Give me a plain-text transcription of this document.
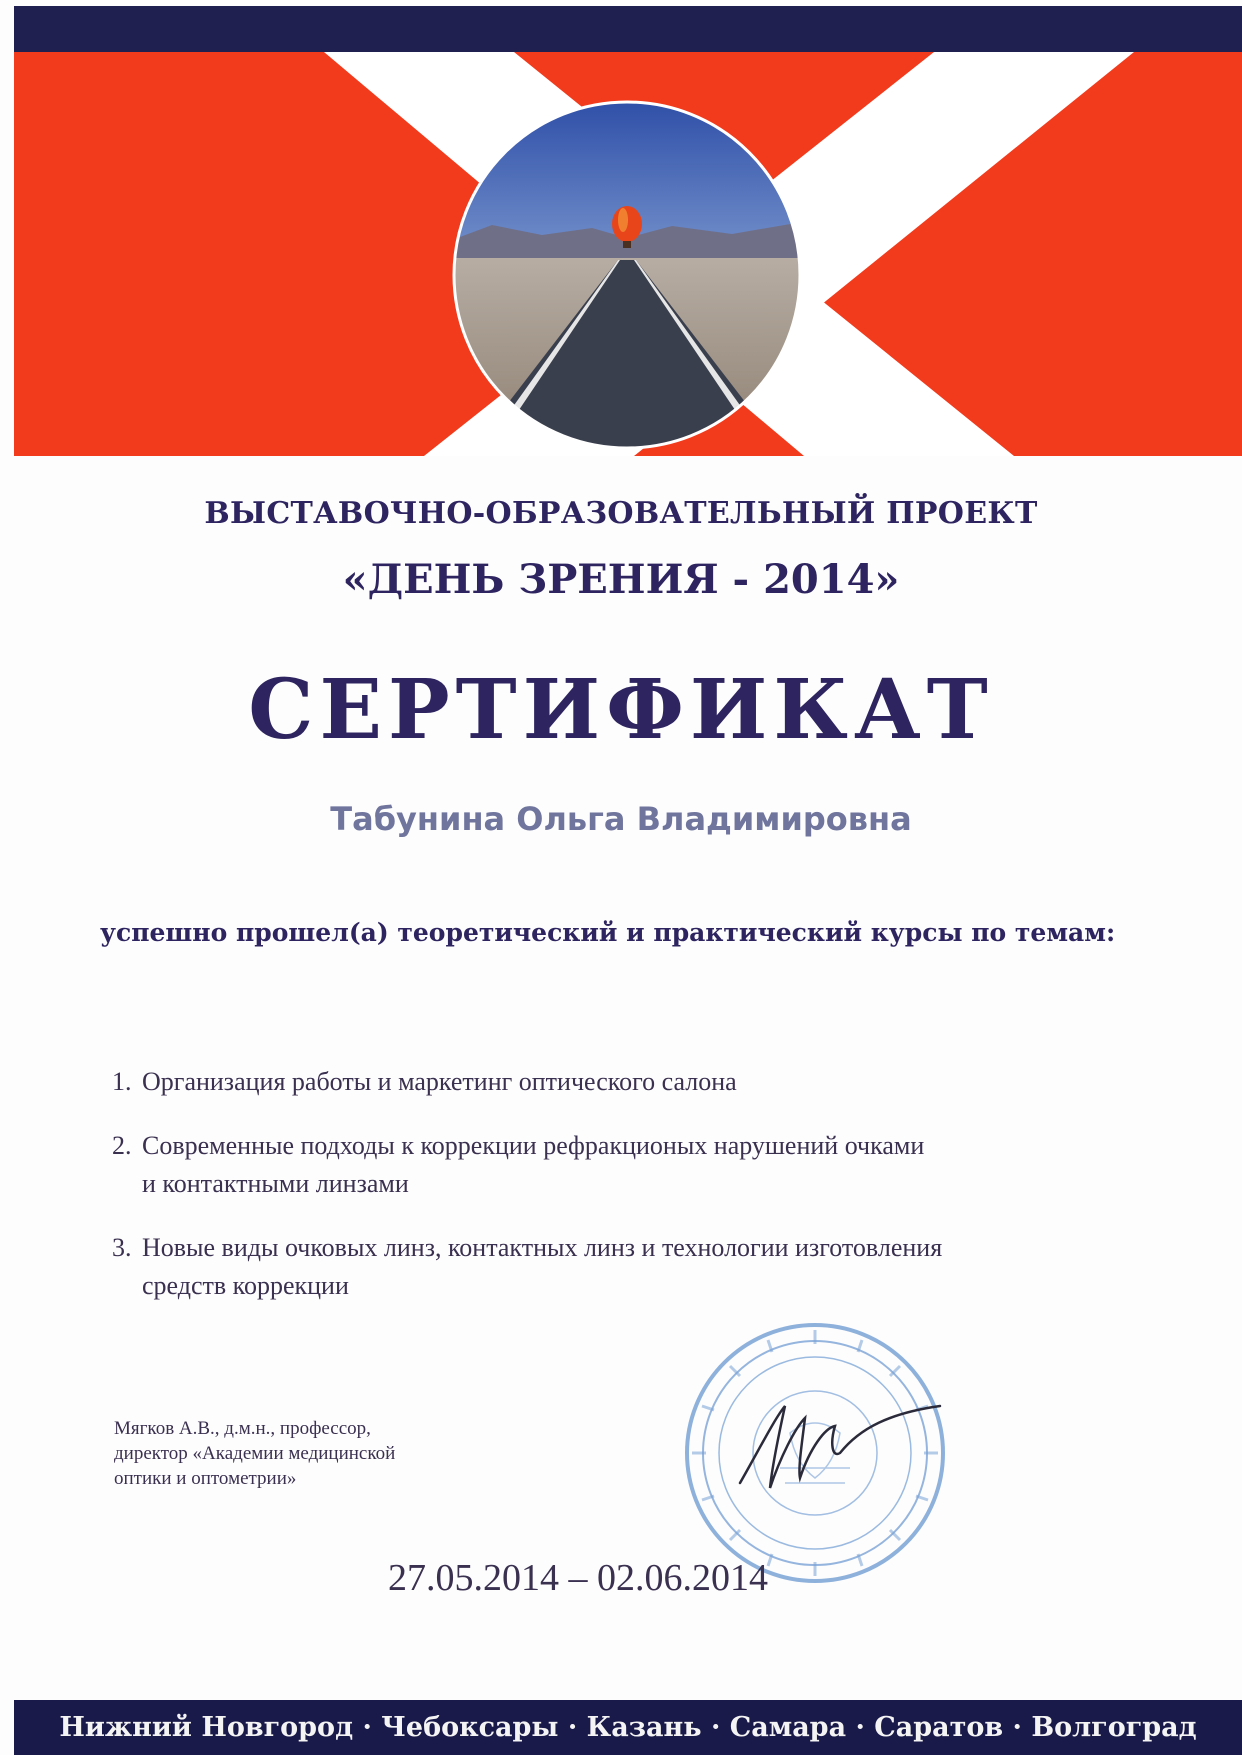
ВЫСТАВОЧНО-ОБРАЗОВАТЕЛЬНЫЙ ПРОЕКТ
«ДЕНЬ ЗРЕНИЯ - 2014»
СЕРТИФИКАТ
Табунина Ольга Владимировна
успешно прошел(а) теоретический и практический курсы по темам:
1. Организация работы и маркетинг оптического салона
2. Современные подходы к коррекции рефракционых нарушений очками
и контактными линзами
3. Новые виды очковых линз, контактных линз и технологии изготовления
средств коррекции
Мягков А.В., д.м.н., профессор,
директор «Академии медицинской
оптики и оптометрии»
27.05.2014 – 02.06.2014
Нижний Новгород · Чебоксары · Казань · Самара · Саратов · Волгоград
